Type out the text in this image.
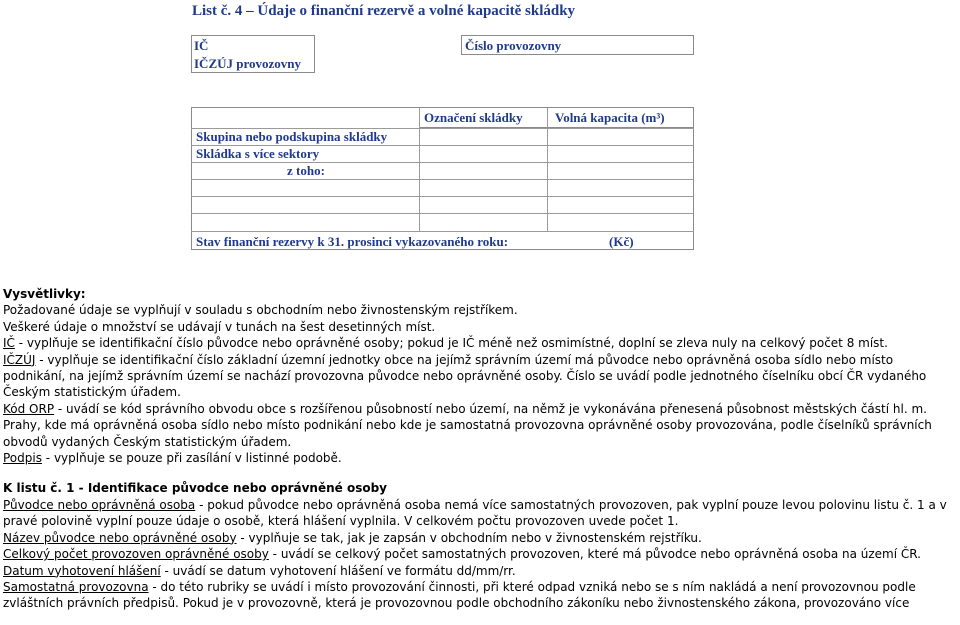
List č. 4 – Údaje o finanční rezervě a volné kapacitě skládky
IČ
IČZÚJ provozovny
Číslo provozovny
Označení skládky Volná kapacita (m³)
Skupina nebo podskupina skládky
Skládka s více sektory
z toho:
Stav finanční rezervy k 31. prosinci vykazovaného roku:	(Kč)

Vysvětlivky:

Požadované údaje se vyplňují v souladu s obchodním nebo živnostenským rejstříkem.

Veškeré údaje o množství se udávají v tunách na šest desetinných míst.

IČ - vyplňuje se identifikační číslo původce nebo oprávněné osoby; pokud je IČ méně než osmimístné, doplní se zleva nuly na celkový počet 8 míst.

IČZÚJ - vyplňuje se identifikační číslo základní územní jednotky obce na jejímž správním území má původce nebo oprávněná osoba sídlo nebo místo podnikání, na jejímž správním území se nachází provozovna původce nebo oprávněné osoby. Číslo se uvádí podle jednotného číselníku obcí ČR vydaného Českým statistickým úřadem.

Kód ORP - uvádí se kód správního obvodu obce s rozšířenou působností nebo území, na němž je vykonávána přenesená působnost městských částí hl. m. Prahy, kde má oprávněná osoba sídlo nebo místo podnikání nebo kde je samostatná provozovna oprávněné osoby provozována, podle číselníků správních obvodů vydaných Českým statistickým úřadem.

Podpis - vyplňuje se pouze při zasílání v listinné podobě.

K listu č. 1 - Identifikace původce nebo oprávněné osoby

Původce nebo oprávněná osoba - pokud původce nebo oprávněná osoba nemá více samostatných provozoven, pak vyplní pouze levou polovinu listu č. 1 a v pravé polovině vyplní pouze údaje o osobě, která hlášení vyplnila. V celkovém počtu provozoven uvede počet 1.

Název původce nebo oprávněné osoby - vyplňuje se tak, jak je zapsán v obchodním nebo v živnostenském rejstříku.

Celkový počet provozoven oprávněné osoby - uvádí se celkový počet samostatných provozoven, které má původce nebo oprávněná osoba na území ČR.

Datum vyhotovení hlášení - uvádí se datum vyhotovení hlášení ve formátu dd/mm/rr.

Samostatná provozovna - do této rubriky se uvádí i místo provozování činnosti, při které odpad vzniká nebo se s ním nakládá a není provozovnou podle zvláštních právních předpisů. Pokud je v provozovně, která je provozovnou podle obchodního zákoníku nebo živnostenského zákona, provozováno více
